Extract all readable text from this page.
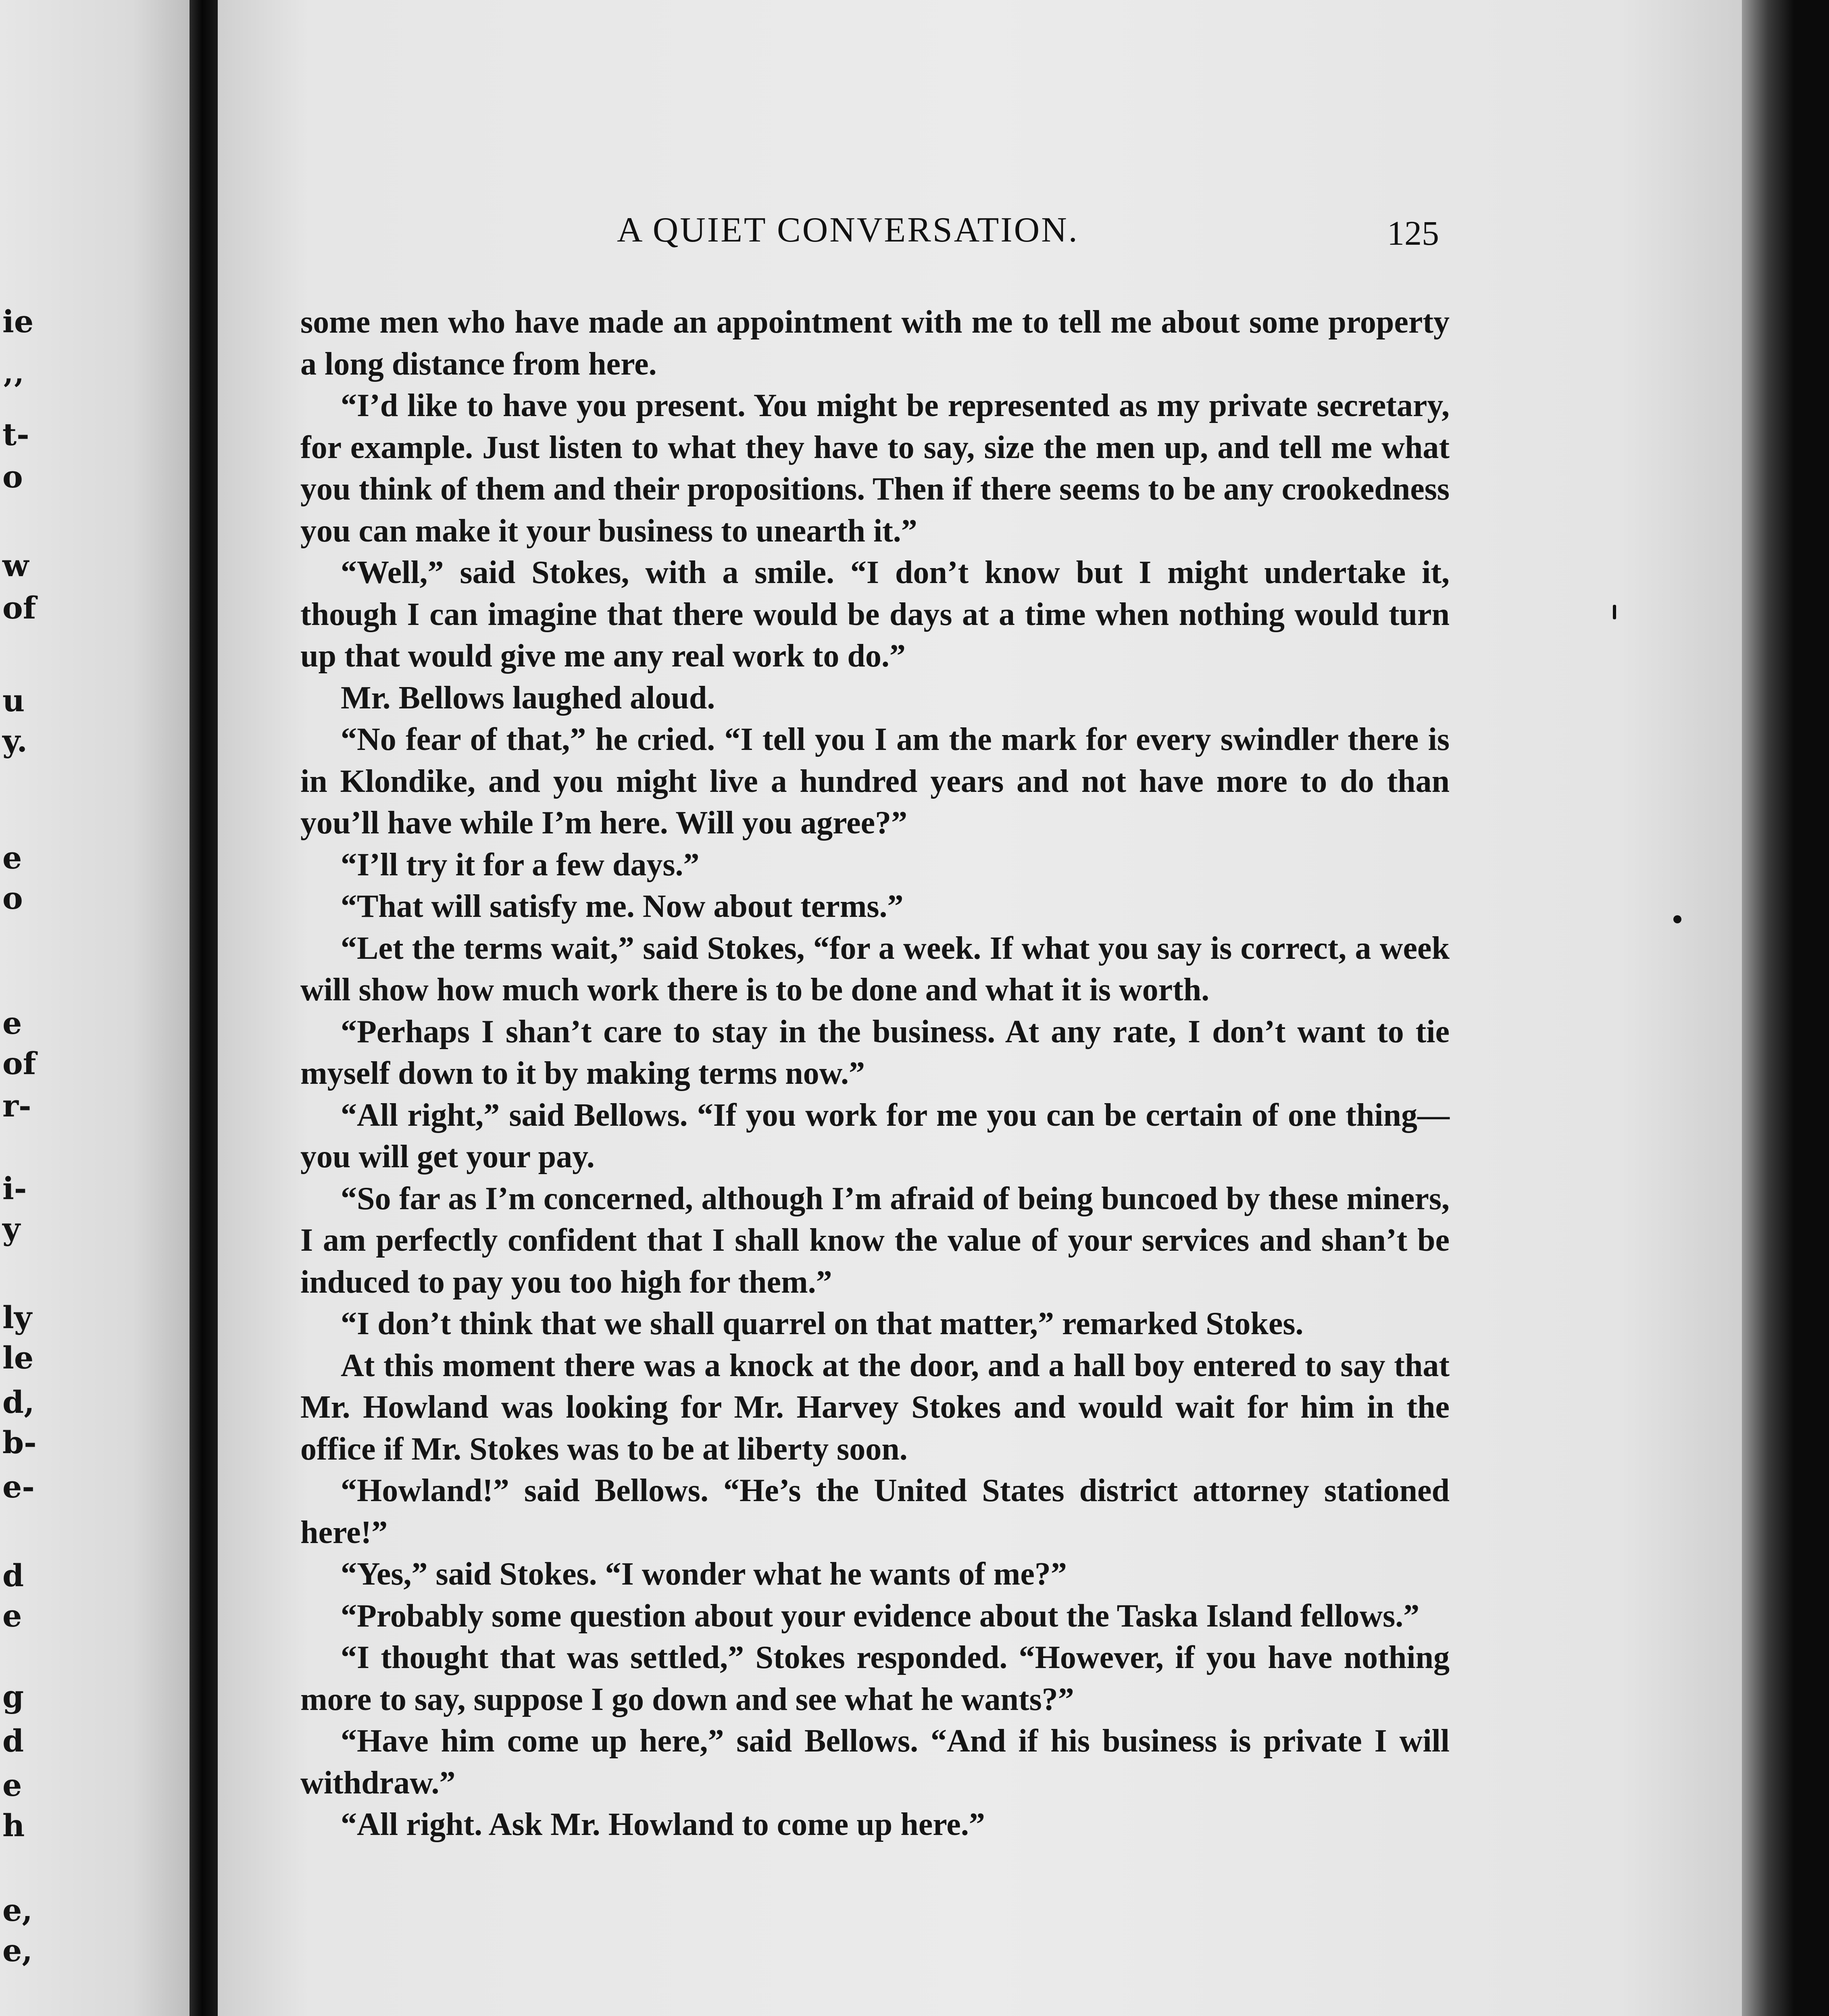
ie
’’
t-
o
w
of
u
y.
e
o
e
of
r-
i-
y
ly
le
d,
b-
e-
d
e
g
d
e
h
e,
e,
A QUIET CONVERSATION.	125

some men who have made an appointment with me to tell me about some property a long distance from here.

“I’d like to have you present. You might be represented as my private secretary, for example. Just listen to what they have to say, size the men up, and tell me what you think of them and their propositions. Then if there seems to be any crookedness you can make it your business to unearth it.”

“Well,” said Stokes, with a smile. “I don’t know but I might undertake it, though I can imagine that there would be days at a time when nothing would turn up that would give me any real work to do.”

Mr. Bellows laughed aloud.

“No fear of that,” he cried. “I tell you I am the mark for every swindler there is in Klondike, and you might live a hundred years and not have more to do than you’ll have while I’m here. Will you agree?”

“I’ll try it for a few days.”

“That will satisfy me. Now about terms.”

“Let the terms wait,” said Stokes, “for a week. If what you say is correct, a week will show how much work there is to be done and what it is worth.

“Perhaps I shan’t care to stay in the business. At any rate, I don’t want to tie myself down to it by making terms now.”

“All right,” said Bellows. “If you work for me you can be certain of one thing—you will get your pay.

“So far as I’m concerned, although I’m afraid of being buncoed by these miners, I am perfectly confident that I shall know the value of your services and shan’t be induced to pay you too high for them.”

“I don’t think that we shall quarrel on that matter,” remarked Stokes.

At this moment there was a knock at the door, and a hall boy entered to say that Mr. Howland was looking for Mr. Harvey Stokes and would wait for him in the office if Mr. Stokes was to be at liberty soon.

“Howland!” said Bellows. “He’s the United States district attorney stationed here!”

“Yes,” said Stokes. “I wonder what he wants of me?”

“Probably some question about your evidence about the Taska Island fellows.”

“I thought that was settled,” Stokes responded. “However, if you have nothing more to say, suppose I go down and see what he wants?”

“Have him come up here,” said Bellows. “And if his business is private I will withdraw.”

“All right. Ask Mr. Howland to come up here.”
